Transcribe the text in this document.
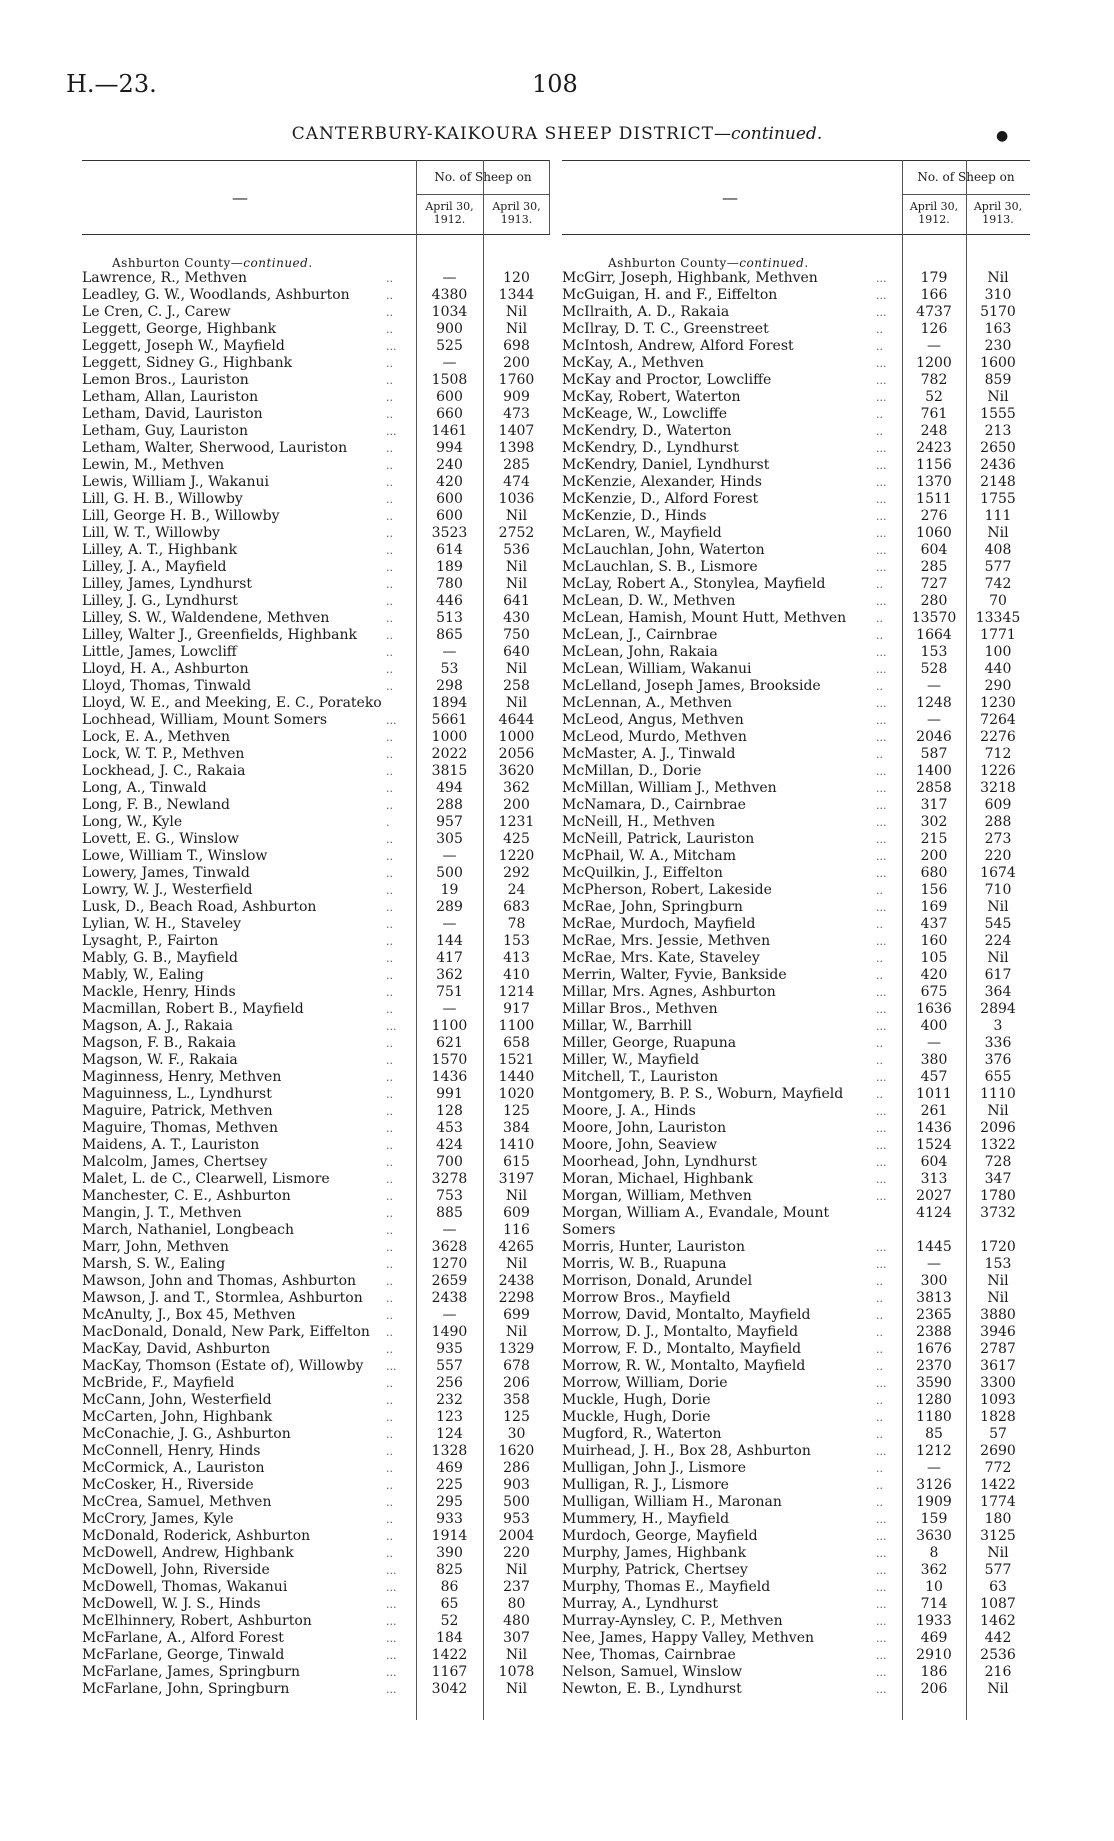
H.—23.	108
CANTERBURY-KAIKOURA SHEEP DISTRICT—continued.	●
—
No. of Sheep on
April 30,
1912.
April 30,
1913.
Ashburton County—continued.
Lawrence, R., Methven	..	—	120
Leadley, G. W., Woodlands, Ashburton	..	4380	1344
Le Cren, C. J., Carew	..	1034	Nil
Leggett, George, Highbank	..	900	Nil
Leggett, Joseph W., Mayfield	...	525	698
Leggett, Sidney G., Highbank	..	—	200
Lemon Bros., Lauriston	..	1508	1760
Letham, Allan, Lauriston	..	600	909
Letham, David, Lauriston	..	660	473
Letham, Guy, Lauriston	...	1461	1407
Letham, Walter, Sherwood, Lauriston	..	994	1398
Lewin, M., Methven	..	240	285
Lewis, William J., Wakanui	..	420	474
Lill, G. H. B., Willowby	..	600	1036
Lill, George H. B., Willowby	..	600	Nil
Lill, W. T., Willowby	..	3523	2752
Lilley, A. T., Highbank	..	614	536
Lilley, J. A., Mayfield	..	189	Nil
Lilley, James, Lyndhurst	..	780	Nil
Lilley, J. G., Lyndhurst	..	446	641
Lilley, S. W., Waldendene, Methven	..	513	430
Lilley, Walter J., Greenfields, Highbank	..	865	750
Little, James, Lowcliff	..	—	640
Lloyd, H. A., Ashburton	..	53	Nil
Lloyd, Thomas, Tinwald	..	298	258
Lloyd, W. E., and Meeking, E. C., Porateko	1894	Nil
Lochhead, William, Mount Somers	...	5661	4644
Lock, E. A., Methven	..	1000	1000
Lock, W. T. P., Methven	..	2022	2056
Lockhead, J. C., Rakaia	..	3815	3620
Long, A., Tinwald	..	494	362
Long, F. B., Newland	..	288	200
Long, W., Kyle	.	957	1231
Lovett, E. G., Winslow	..	305	425
Lowe, William T., Winslow	..	—	1220
Lowery, James, Tinwald	..	500	292
Lowry, W. J., Westerfield	..	19	24
Lusk, D., Beach Road, Ashburton	..	289	683
Lylian, W. H., Staveley	..	—	78
Lysaght, P., Fairton	..	144	153
Mably, G. B., Mayfield	..	417	413
Mably, W., Ealing	..	362	410
Mackle, Henry, Hinds	..	751	1214
Macmillan, Robert B., Mayfield	..	—	917
Magson, A. J., Rakaia	...	1100	1100
Magson, F. B., Rakaia	..	621	658
Magson, W. F., Rakaia	..	1570	1521
Maginness, Henry, Methven	..	1436	1440
Maguinness, L., Lyndhurst	..	991	1020
Maguire, Patrick, Methven	..	128	125
Maguire, Thomas, Methven	..	453	384
Maidens, A. T., Lauriston	..	424	1410
Malcolm, James, Chertsey	..	700	615
Malet, L. de C., Clearwell, Lismore	..	3278	3197
Manchester, C. E., Ashburton	..	753	Nil
Mangin, J. T., Methven	..	885	609
March, Nathaniel, Longbeach	..	—	116
Marr, John, Methven	..	3628	4265
Marsh, S. W., Ealing	..	1270	Nil
Mawson, John and Thomas, Ashburton	..	2659	2438
Mawson, J. and T., Stormlea, Ashburton	..	2438	2298
McAnulty, J., Box 45, Methven	..	—	699
MacDonald, Donald, New Park, Eiffelton	..	1490	Nil
MacKay, David, Ashburton	..	935	1329
MacKay, Thomson (Estate of), Willowby	...	557	678
McBride, F., Mayfield	..	256	206
McCann, John, Westerfield	..	232	358
McCarten, John, Highbank	..	123	125
McConachie, J. G., Ashburton	..	124	30
McConnell, Henry, Hinds	..	1328	1620
McCormick, A., Lauriston	..	469	286
McCosker, H., Riverside	..	225	903
McCrea, Samuel, Methven	..	295	500
McCrory, James, Kyle	..	933	953
McDonald, Roderick, Ashburton	..	1914	2004
McDowell, Andrew, Highbank	..	390	220
McDowell, John, Riverside	...	825	Nil
McDowell, Thomas, Wakanui	...	86	237
McDowell, W. J. S., Hinds	...	65	80
McElhinnery, Robert, Ashburton	...	52	480
McFarlane, A., Alford Forest	...	184	307
McFarlane, George, Tinwald	...	1422	Nil
McFarlane, James, Springburn	...	1167	1078
McFarlane, John, Springburn	...	3042	Nil
—
No. of Sheep on
April 30,
1912.
April 30,
1913.
Ashburton County—continued.
McGirr, Joseph, Highbank, Methven	...	179	Nil
McGuigan, H. and F., Eiffelton	...	166	310
McIlraith, A. D., Rakaia	...	4737	5170
McIlray, D. T. C., Greenstreet	..	126	163
McIntosh, Andrew, Alford Forest	..	—	230
McKay, A., Methven	...	1200	1600
McKay and Proctor, Lowcliffe	...	782	859
McKay, Robert, Waterton	...	52	Nil
McKeage, W., Lowcliffe	..	761	1555
McKendry, D., Waterton	..	248	213
McKendry, D., Lyndhurst	...	2423	2650
McKendry, Daniel, Lyndhurst	...	1156	2436
McKenzie, Alexander, Hinds	...	1370	2148
McKenzie, D., Alford Forest	...	1511	1755
McKenzie, D., Hinds	...	276	111
McLaren, W., Mayfield	...	1060	Nil
McLauchlan, John, Waterton	...	604	408
McLauchlan, S. B., Lismore	...	285	577
McLay, Robert A., Stonylea, Mayfield	..	727	742
McLean, D. W., Methven	...	280	70
McLean, Hamish, Mount Hutt, Methven	..	13570	13345
McLean, J., Cairnbrae	..	1664	1771
McLean, John, Rakaia	...	153	100
McLean, William, Wakanui	...	528	440
McLelland, Joseph James, Brookside	..	—	290
McLennan, A., Methven	...	1248	1230
McLeod, Angus, Methven	...	—	7264
McLeod, Murdo, Methven	...	2046	2276
McMaster, A. J., Tinwald	..	587	712
McMillan, D., Dorie	...	1400	1226
McMillan, William J., Methven	...	2858	3218
McNamara, D., Cairnbrae	...	317	609
McNeill, H., Methven	...	302	288
McNeill, Patrick, Lauriston	...	215	273
McPhail, W. A., Mitcham	...	200	220
McQuilkin, J., Eiffelton	...	680	1674
McPherson, Robert, Lakeside	..	156	710
McRae, John, Springburn	...	169	Nil
McRae, Murdoch, Mayfield	..	437	545
McRae, Mrs. Jessie, Methven	...	160	224
McRae, Mrs. Kate, Staveley	..	105	Nil
Merrin, Walter, Fyvie, Bankside	..	420	617
Millar, Mrs. Agnes, Ashburton	...	675	364
Millar Bros., Methven	...	1636	2894
Millar, W., Barrhill	...	400	3
Miller, George, Ruapuna	..	—	336
Miller, W., Mayfield	..	380	376
Mitchell, T., Lauriston	...	457	655
Montgomery, B. P. S., Woburn, Mayfield	..	1011	1110
Moore, J. A., Hinds	...	261	Nil
Moore, John, Lauriston	...	1436	2096
Moore, John, Seaview	...	1524	1322
Moorhead, John, Lyndhurst	...	604	728
Moran, Michael, Highbank	...	313	347
Morgan, William, Methven	...	2027	1780
Morgan, William A., Evandale, Mount	4124	3732
Somers
Morris, Hunter, Lauriston	...	1445	1720
Morris, W. B., Ruapuna	...	—	153
Morrison, Donald, Arundel	..	300	Nil
Morrow Bros., Mayfield	..	3813	Nil
Morrow, David, Montalto, Mayfield	..	2365	3880
Morrow, D. J., Montalto, Mayfield	..	2388	3946
Morrow, F. D., Montalto, Mayfield	..	1676	2787
Morrow, R. W., Montalto, Mayfield	..	2370	3617
Morrow, William, Dorie	...	3590	3300
Muckle, Hugh, Dorie	..	1280	1093
Muckle, Hugh, Dorie	..	1180	1828
Mugford, R., Waterton	..	85	57
Muirhead, J. H., Box 28, Ashburton	...	1212	2690
Mulligan, John J., Lismore	..	—	772
Mulligan, R. J., Lismore	..	3126	1422
Mulligan, William H., Maronan	..	1909	1774
Mummery, H., Mayfield	...	159	180
Murdoch, George, Mayfield	...	3630	3125
Murphy, James, Highbank	...	8	Nil
Murphy, Patrick, Chertsey	...	362	577
Murphy, Thomas E., Mayfield	...	10	63
Murray, A., Lyndhurst	...	714	1087
Murray-Aynsley, C. P., Methven	...	1933	1462
Nee, James, Happy Valley, Methven	...	469	442
Nee, Thomas, Cairnbrae	...	2910	2536
Nelson, Samuel, Winslow	...	186	216
Newton, E. B., Lyndhurst	...	206	Nil
